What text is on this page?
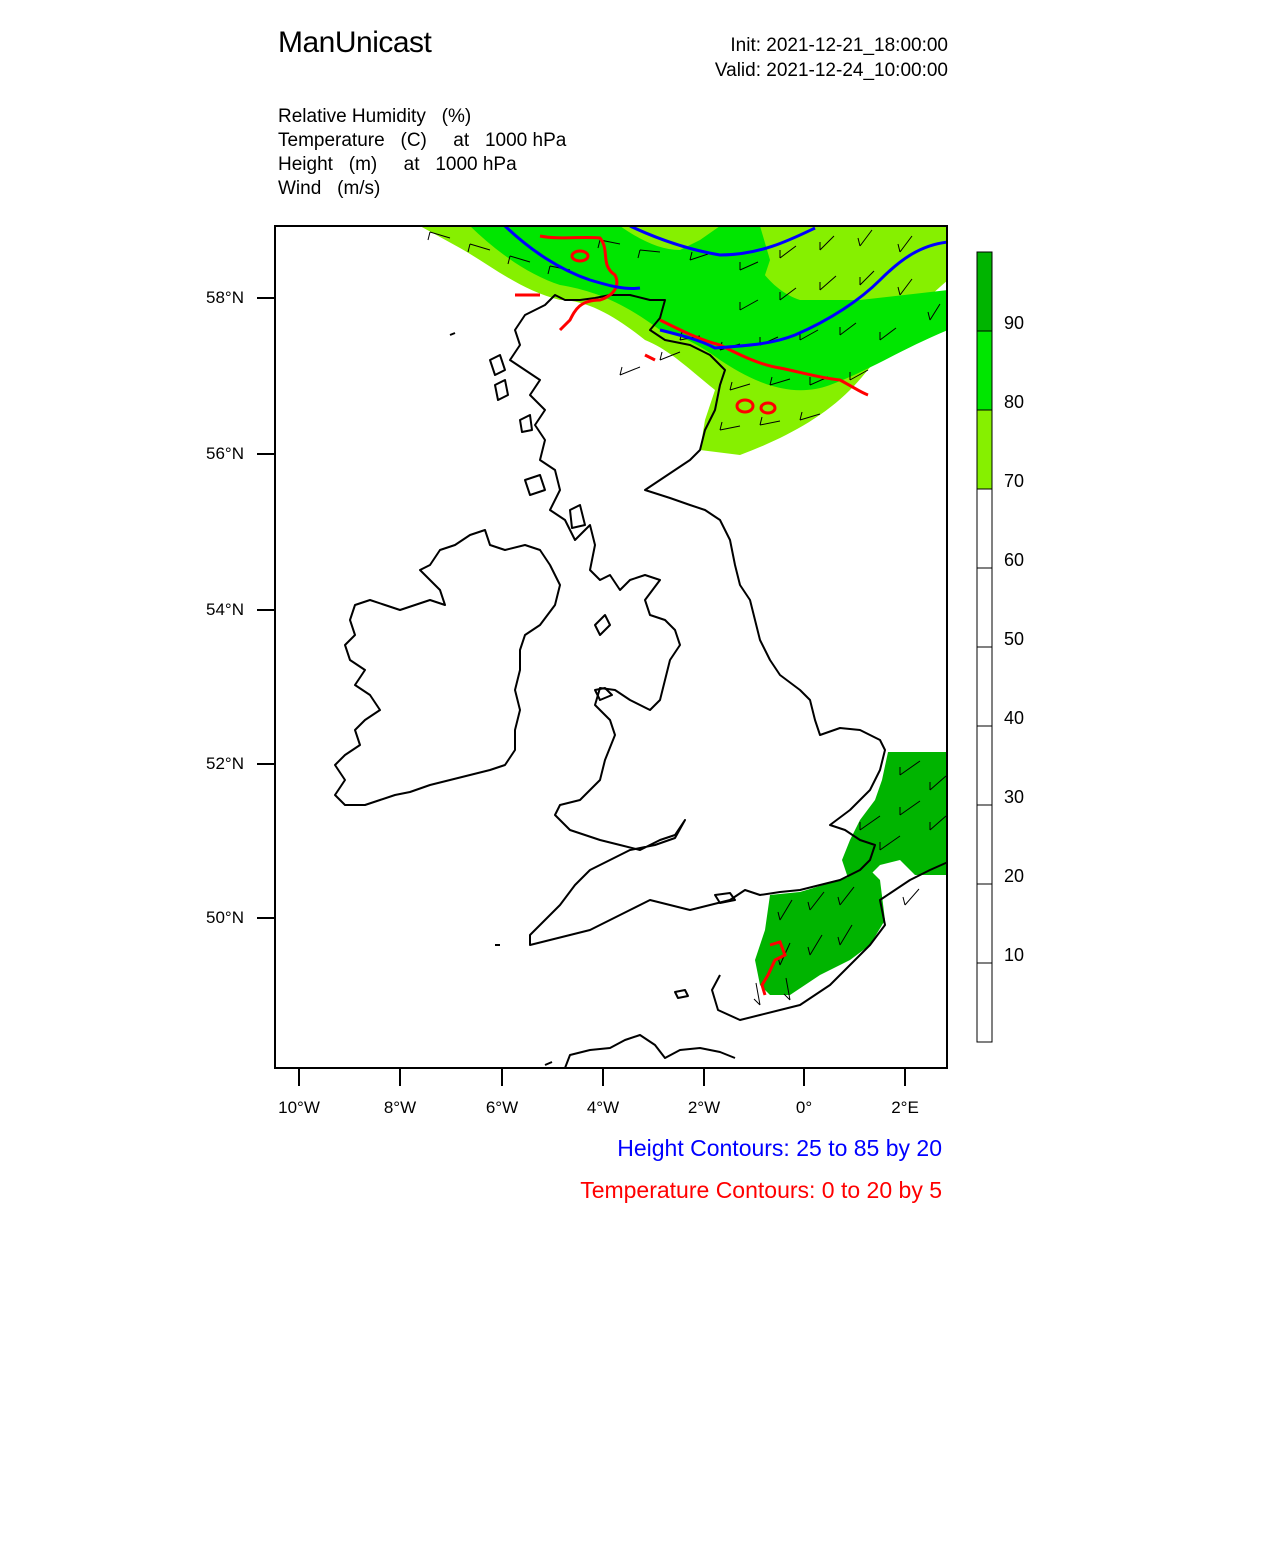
ManUnicast	Init: 2021-12-21_18:00:00
Valid: 2021-12-24_10:00:00
Relative Humidity   (%)
Temperature   (C)     at   1000 hPa
Height   (m)     at   1000 hPa
Wind   (m/s)
58°N
56°N
54°N
52°N
50°N
10°W	8°W	6°W	4°W	2°W	0°	2°E
90
80
70
60
50
40
30
20
10
Height Contours: 25 to 85 by 20
Temperature Contours: 0 to 20 by 5
